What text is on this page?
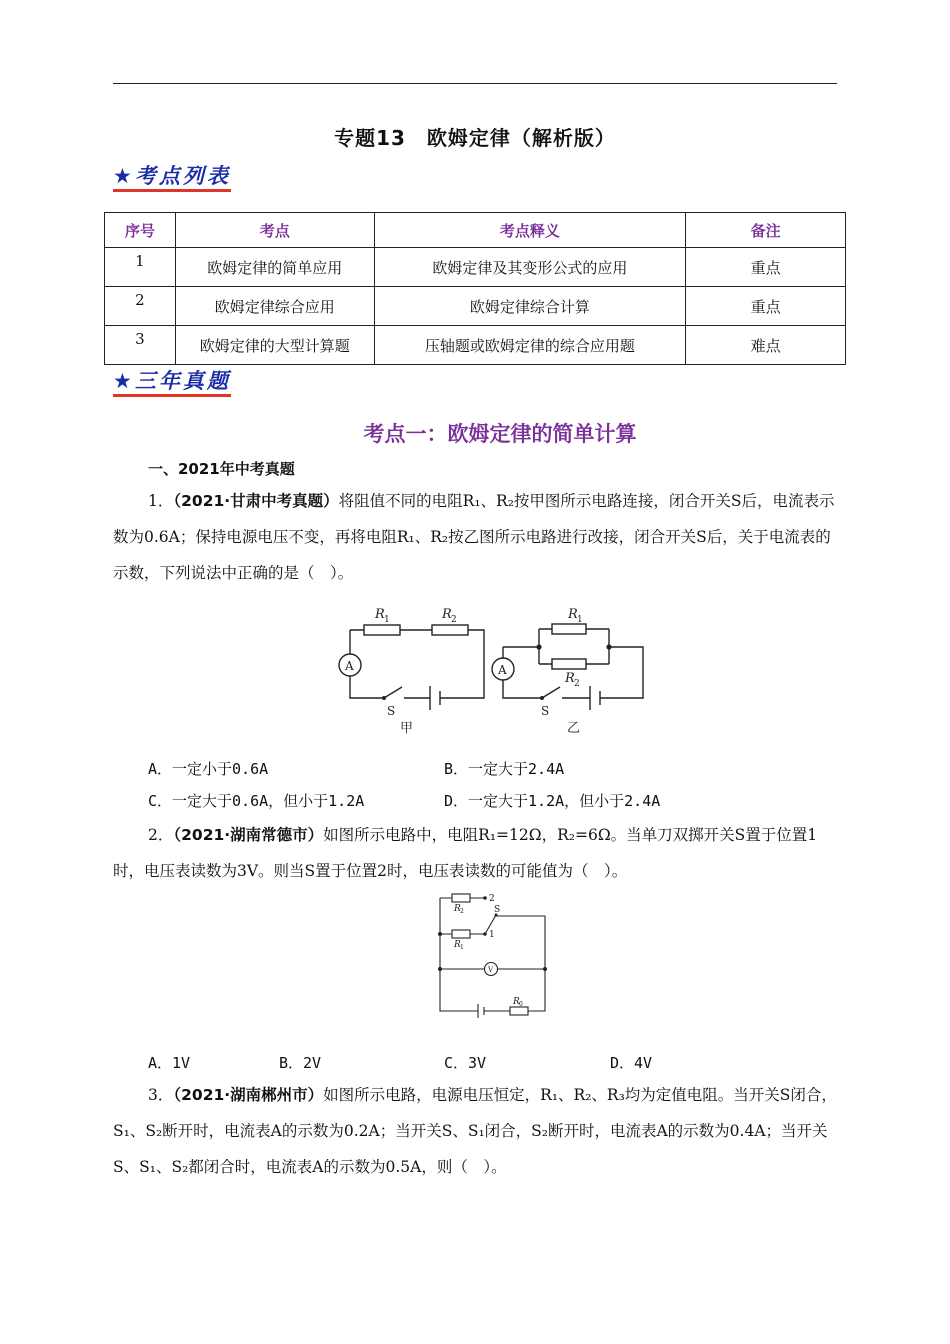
专题13　欧姆定律（解析版）
★考点列表
序号	考点	考点释义	备注
1	欧姆定律的简单应用	欧姆定律及其变形公式的应用	重点
2	欧姆定律综合应用	欧姆定律综合计算	重点
3	欧姆定律的大型计算题	压轴题或欧姆定律的综合应用题	难点
★三年真题
考点一：欧姆定律的简单计算
一、2021年中考真题
1．（2021·甘肃中考真题）将阻值不同的电阻R₁、R₂按甲图所示电路连接，闭合开关S后，电流表示数为0.6A；保持电源电压不变，再将电阻R₁、R₂按乙图所示电路进行改接，闭合开关S后，关于电流表的示数，下列说法中正确的是（　）。
R 1	R 2
A
S
甲
R 1
R 2
A
S
乙
A．一定小于0.6A	B．一定大于2.4A
C．一定大于0.6A，但小于1.2A	D．一定大于1.2A，但小于2.4A
2．（2021·湖南常德市）如图所示电路中，电阻R₁=12Ω，R₂=6Ω。当单刀双掷开关S置于位置1时，电压表读数为3V。则当S置于位置2时，电压表读数的可能值为（　）。
R 2
R 1
R 0
2
1
S
V
A．1V	B．2V	C．3V	D．4V
3．（2021·湖南郴州市）如图所示电路，电源电压恒定，R₁、R₂、R₃均为定值电阻。当开关S闭合，S₁、S₂断开时，电流表A的示数为0.2A；当开关S、S₁闭合，S₂断开时，电流表A的示数为0.4A；当开关S、S₁、S₂都闭合时，电流表A的示数为0.5A，则（　）。
